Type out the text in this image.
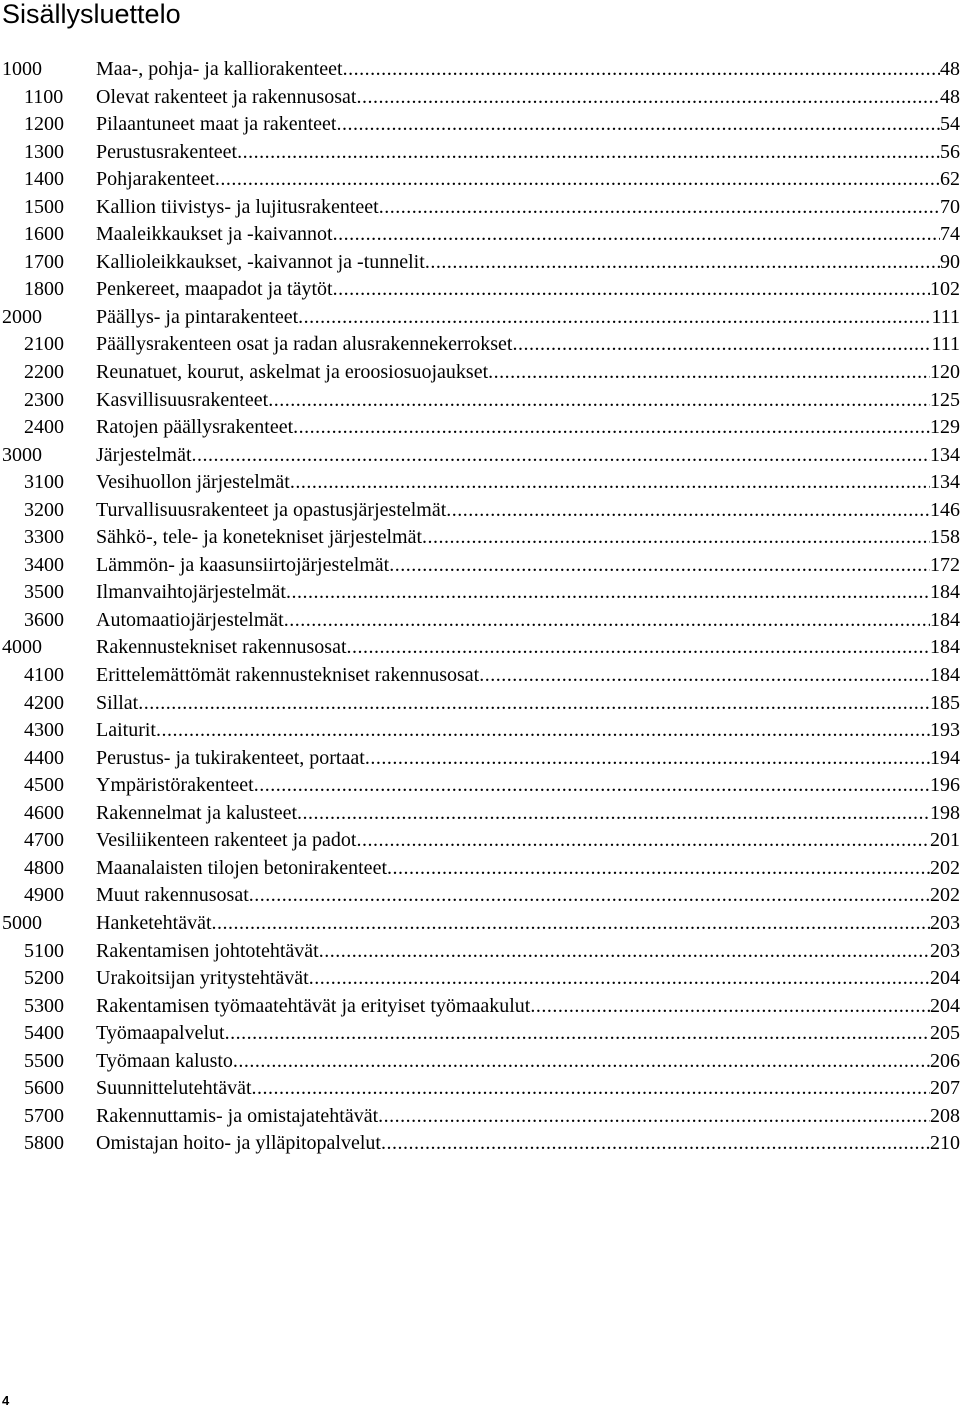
Sisällysluettelo
1000	Maa-, pohja- ja kalliorakenteet .....	48
1100	Olevat rakenteet ja rakennusosat .....	48
1200	Pilaantuneet maat ja rakenteet .....	54
1300	Perustusrakenteet .....	56
1400	Pohjarakenteet .....	62
1500	Kallion tiivistys- ja lujitusrakenteet .....	70
1600	Maaleikkaukset ja -kaivannot .....	74
1700	Kallioleikkaukset, -kaivannot ja -tunnelit .....	90
1800	Penkereet, maapadot ja täytöt .....	102
2000	Päällys- ja pintarakenteet .....	111
2100	Päällysrakenteen osat ja radan alusrakennekerrokset .....	111
2200	Reunatuet, kourut, askelmat ja eroosiosuojaukset .....	120
2300	Kasvillisuusrakenteet .....	125
2400	Ratojen päällysrakenteet .....	129
3000	Järjestelmät .....	134
3100	Vesihuollon järjestelmät .....	134
3200	Turvallisuusrakenteet ja opastusjärjestelmät .....	146
3300	Sähkö-, tele- ja konetekniset järjestelmät .....	158
3400	Lämmön- ja kaasunsiirtojärjestelmät .....	172
3500	Ilmanvaihtojärjestelmät .....	184
3600	Automaatiojärjestelmät .....	184
4000	Rakennustekniset rakennusosat .....	184
4100	Erittelemättömät rakennustekniset rakennusosat .....	184
4200	Sillat .....	185
4300	Laiturit .....	193
4400	Perustus- ja tukirakenteet, portaat .....	194
4500	Ympäristörakenteet .....	196
4600	Rakennelmat ja kalusteet .....	198
4700	Vesiliikenteen rakenteet ja padot .....	201
4800	Maanalaisten tilojen betonirakenteet .....	202
4900	Muut rakennusosat .....	202
5000	Hanketehtävät .....	203
5100	Rakentamisen johtotehtävät .....	203
5200	Urakoitsijan yritystehtävät .....	204
5300	Rakentamisen työmaatehtävät ja erityiset työmaakulut .....	204
5400	Työmaapalvelut .....	205
5500	Työmaan kalusto .....	206
5600	Suunnittelutehtävät .....	207
5700	Rakennuttamis- ja omistajatehtävät .....	208
5800	Omistajan hoito- ja ylläpitopalvelut .....	210
4
